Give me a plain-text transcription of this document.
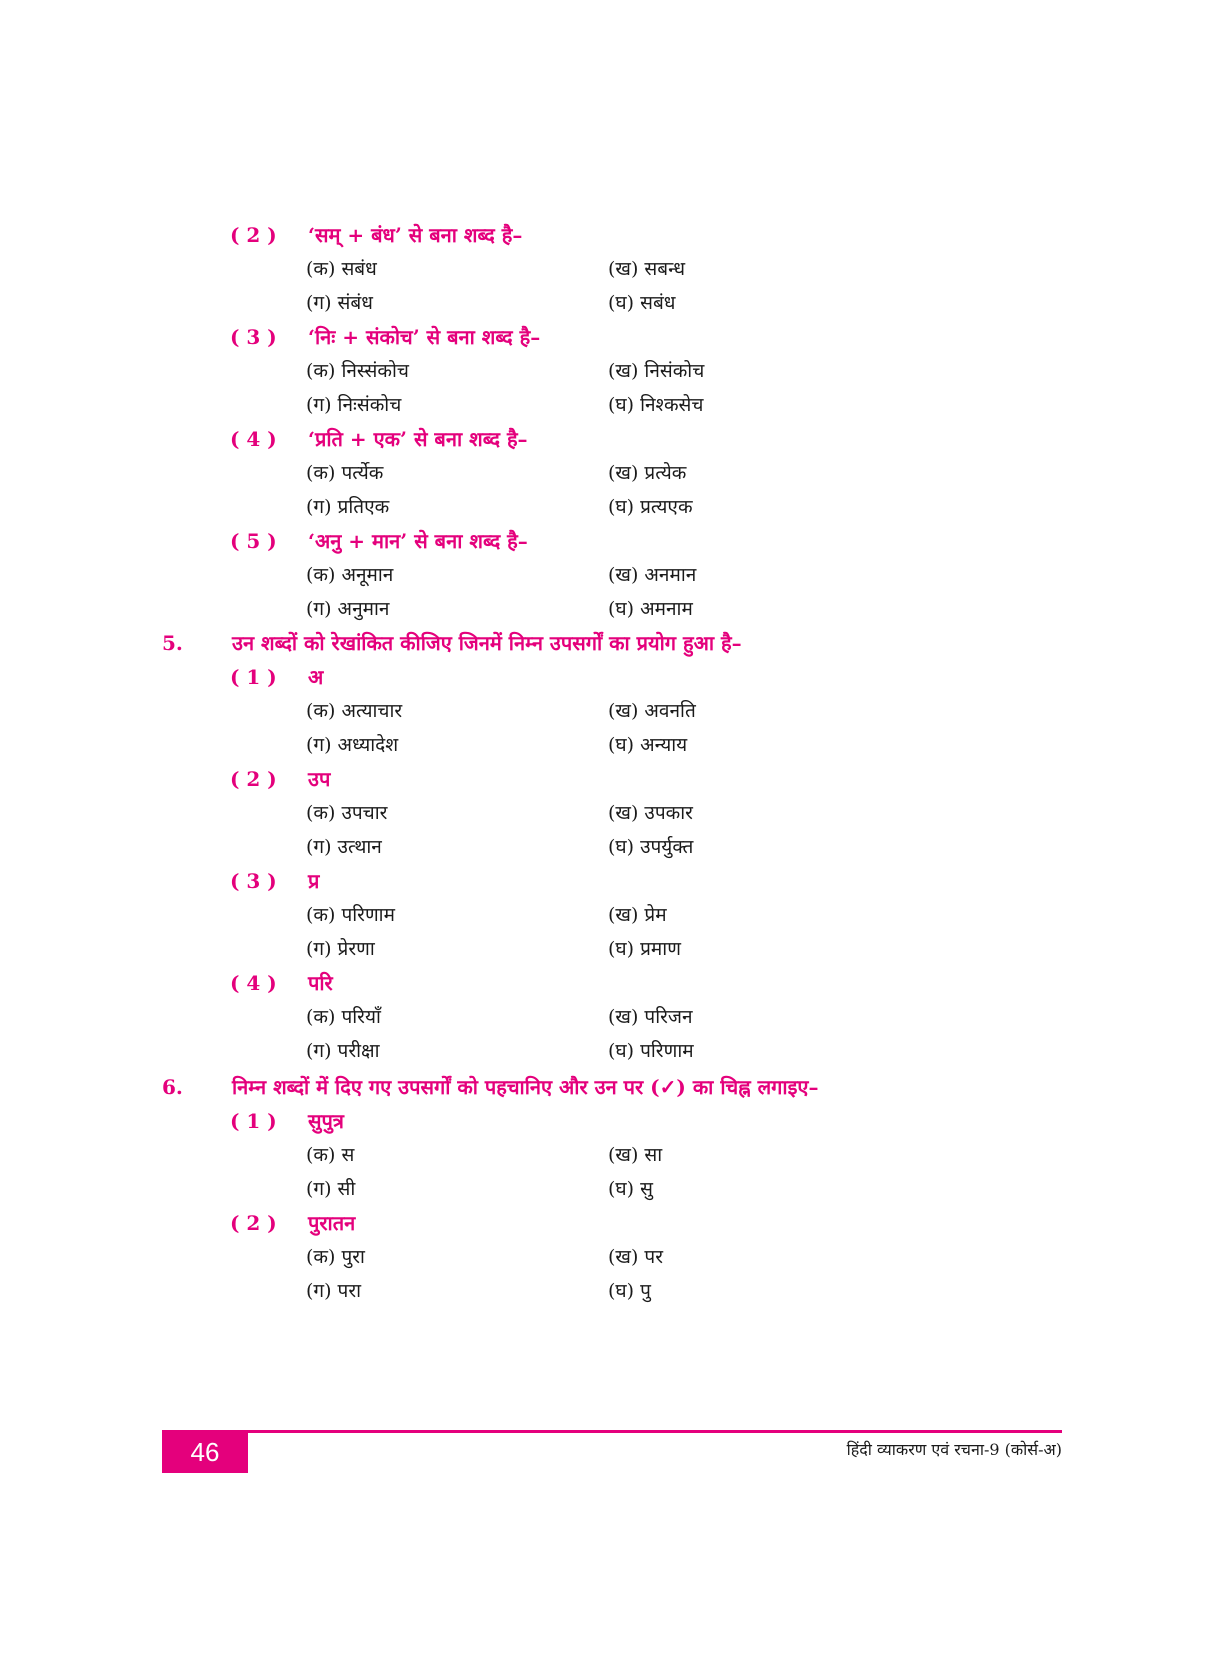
( 2 )	‘सम् + बंध’ से बना शब्द है–
(क) सबंध	(ख) सबन्ध
(ग) संबंध	(घ) सबंध
( 3 )	‘निः + संकोच’ से बना शब्द है–
(क) निस्संकोच	(ख) निसंकोच
(ग) निःसंकोच	(घ) निश्कसेच
( 4 )	‘प्रति + एक’ से बना शब्द है–
(क) पर्त्येक	(ख) प्रत्येक
(ग) प्रतिएक	(घ) प्रत्यएक
( 5 )	‘अनु + मान’ से बना शब्द है–
(क) अनूमान	(ख) अनमान
(ग) अनुमान	(घ) अमनाम
5. उन शब्दों को रेखांकित कीजिए जिनमें निम्न उपसर्गों का प्रयोग हुआ है–
( 1 )	अ
(क) अत्याचार	(ख) अवनति
(ग) अध्यादेश	(घ) अन्याय
( 2 )	उप
(क) उपचार	(ख) उपकार
(ग) उत्थान	(घ) उपर्युक्त
( 3 )	प्र
(क) परिणाम	(ख) प्रेम
(ग) प्रेरणा	(घ) प्रमाण
( 4 )	परि
(क) परियाँ	(ख) परिजन
(ग) परीक्षा	(घ) परिणाम
6. निम्न शब्दों में दिए गए उपसर्गों को पहचानिए और उन पर (✓) का चिह्न लगाइए–
( 1 )	सुपुत्र
(क) स	(ख) सा
(ग) सी	(घ) सु
( 2 )	पुरातन
(क) पुरा	(ख) पर
(ग) परा	(घ) पु
46	हिंदी व्याकरण एवं रचना-9 (कोर्स-अ)
